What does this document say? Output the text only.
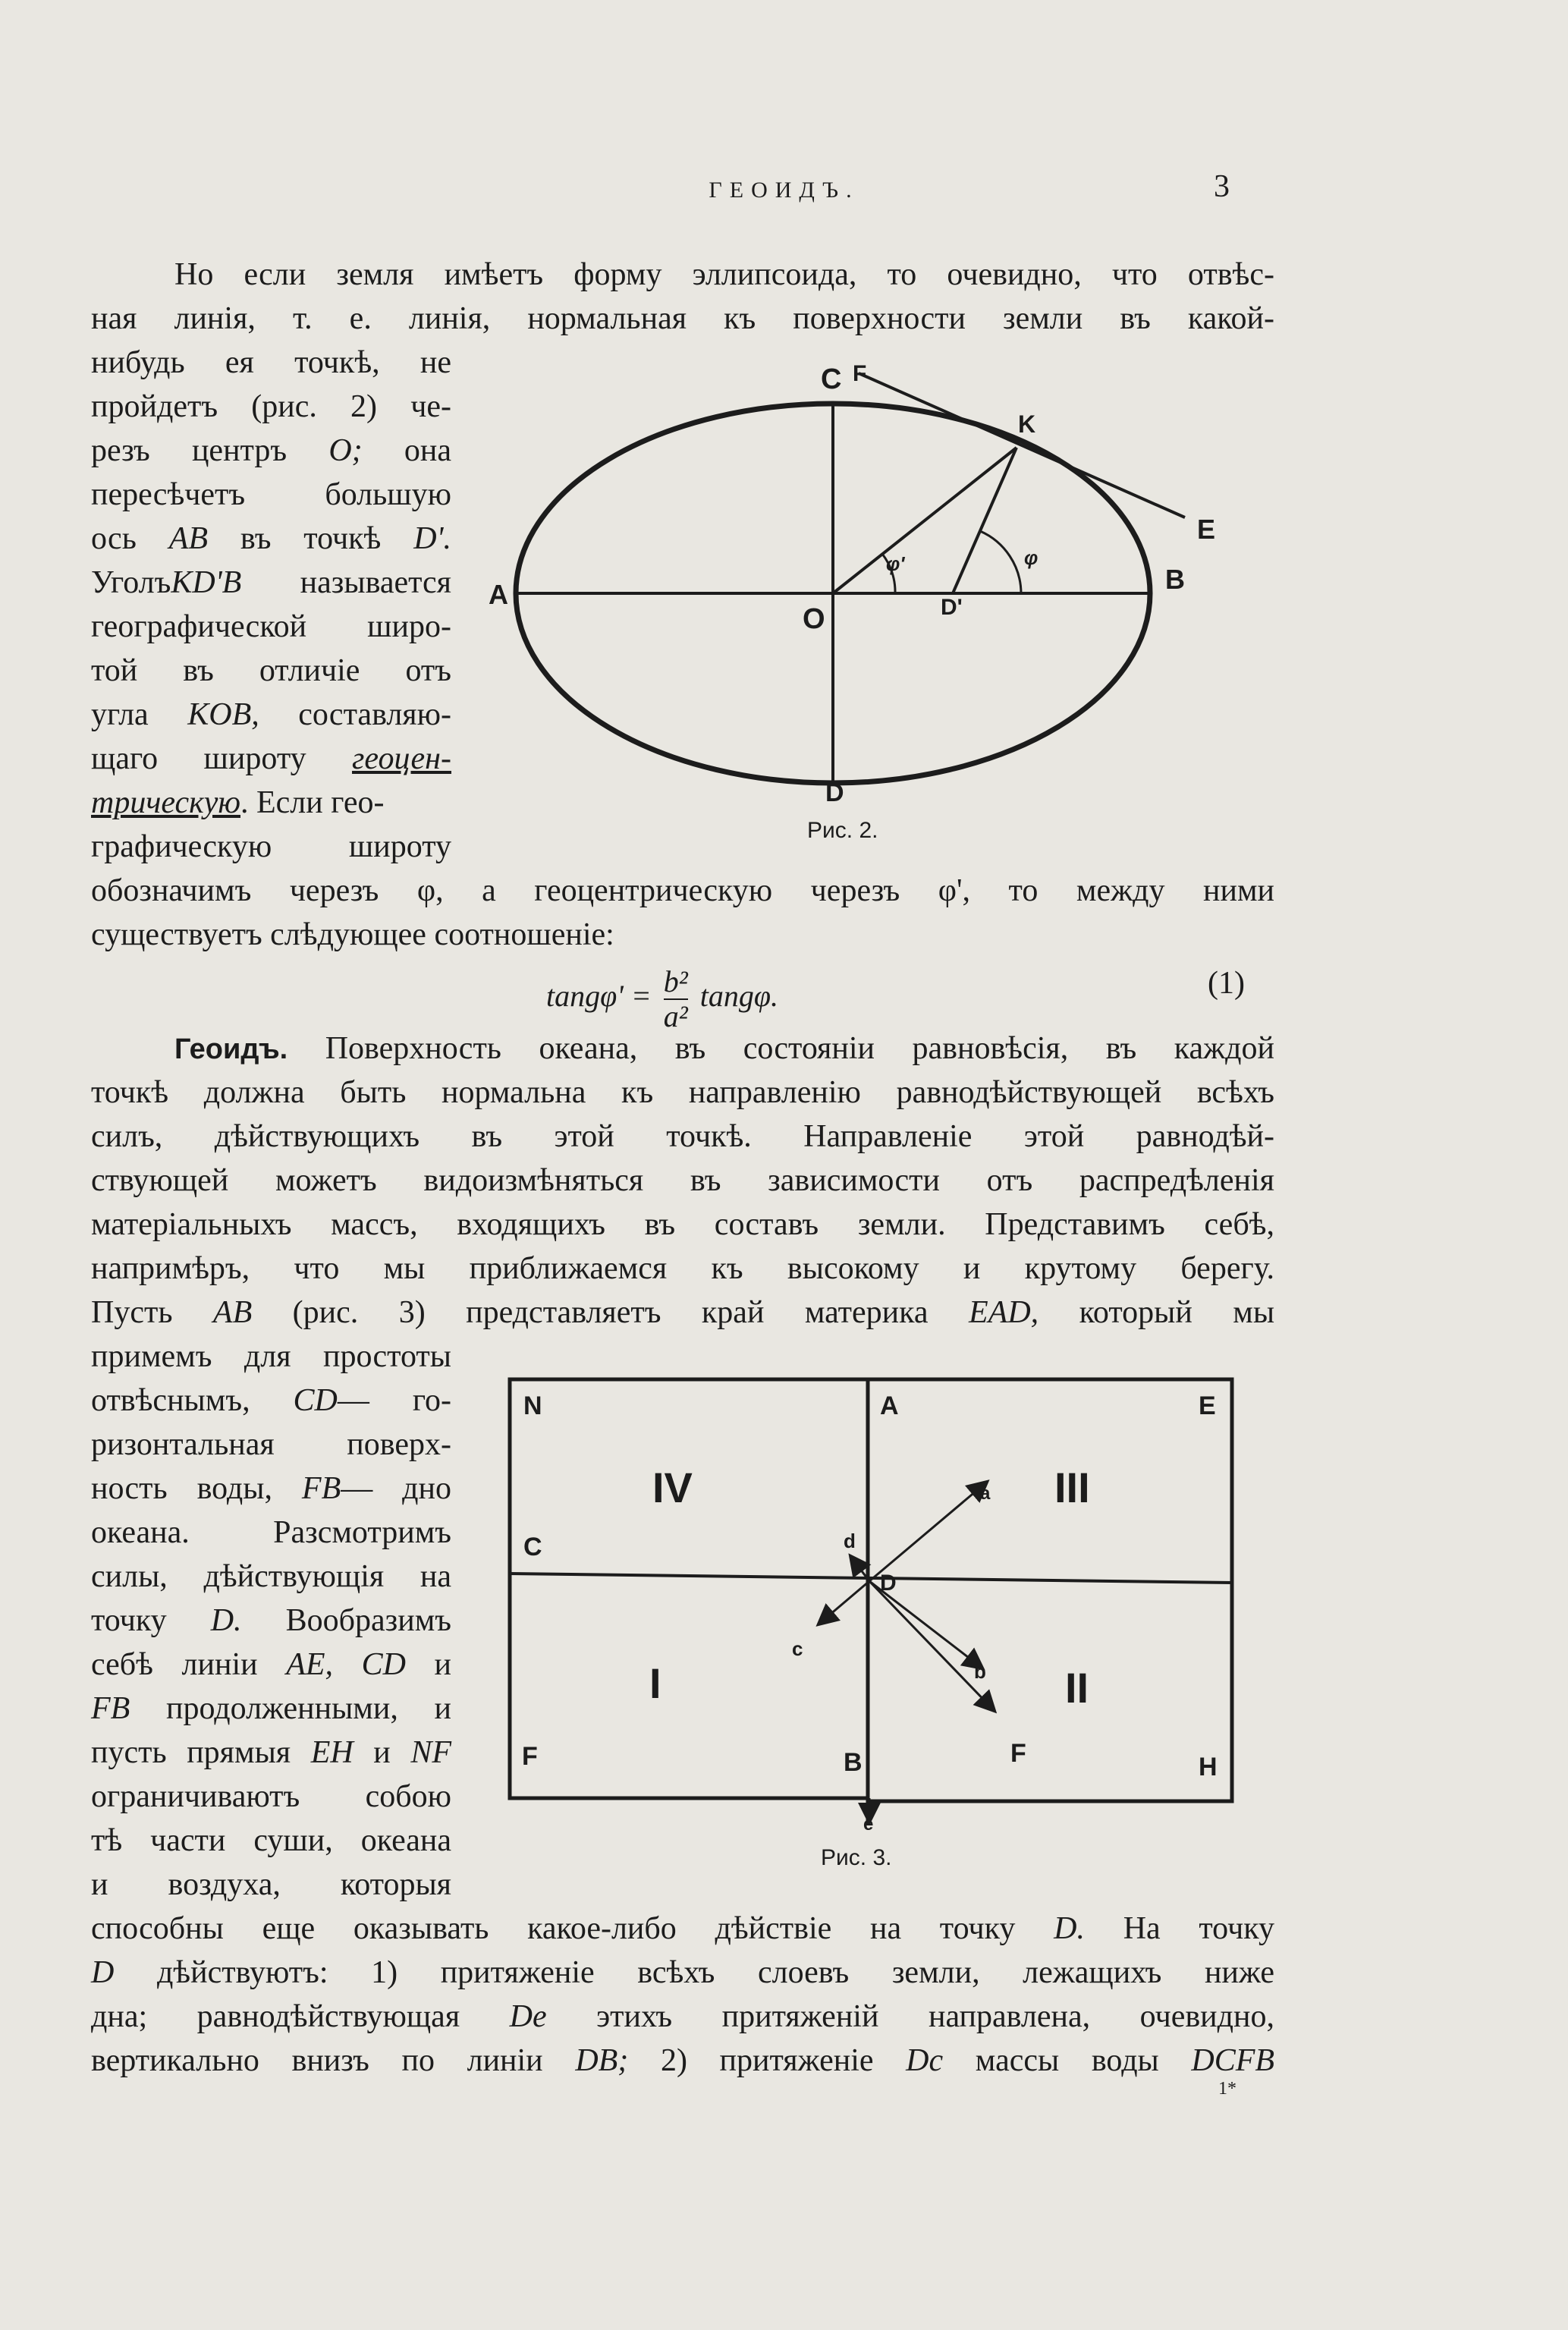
ГЕОИДЪ.	3
Но если земля имѣетъ форму эллипсоида, то очевидно, что отвѣс-
ная линія, т. е. линія, нормальная къ поверхности земли въ какой-
нибудь ея точкѣ, не
пройдетъ (рис. 2) че-
резъ центръ O; она
пересѣчетъ большую
ось AB въ точкѣ D'.
УголъKD'B называется
географической широ-
той въ отличіе отъ
угла KOB, составляю-
щаго широту геоцен-
трическую. Если гео-
графическую широту
обозначимъ черезъ φ, а геоцентрическую черезъ φ', то между ними
существуетъ слѣдующее соотношеніе:
$\tan g\varphi' = \frac{\text{b²}}{\text{a²}} \tan g\varphi$.	(1)
C F
K
E
A	B
O	D'
D
φ'	φ
Рис. 2.
Геоидъ. Поверхность океана, въ состояніи равновѣсія, въ каждой
точкѣ должна быть нормальна къ направленію равнодѣйствующей всѣхъ
силъ, дѣйствующихъ въ этой точкѣ. Направленіе этой равнодѣй-
ствующей можетъ видоизмѣняться въ зависимости отъ распредѣленія
матеріальныхъ массъ, входящихъ въ составъ земли. Представимъ себѣ,
напримѣръ, что мы приближаемся къ высокому и крутому берегу.
Пусть AB (рис. 3) представляетъ край материка EAD, который мы
примемъ для простоты
отвѣснымъ, CD— го-
ризонтальная поверх-
ность воды, FB— дно
океана. Разсмотримъ
силы, дѣйствующія на
точку D. Вообразимъ
себѣ линіи AE, CD и
FB продолженными, и
пусть прямыя EH и NF
ограничиваютъ собою
тѣ части суши, океана
и воздуха, которыя
способны еще оказывать какое-либо дѣйствіе на точку D. На точку
D дѣйствуютъ: 1) притяженіе всѣхъ слоевъ земли, лежащихъ ниже
дна; равнодѣйствующая De этихъ притяженій направлена, очевидно,
вертикально внизъ по линіи DB; 2) притяженіе Dc массы воды DCFB
N	A	E
IV	III
a
C	d
D
c
b
I	II
F	B	F	H
e
Рис. 3.
1*
